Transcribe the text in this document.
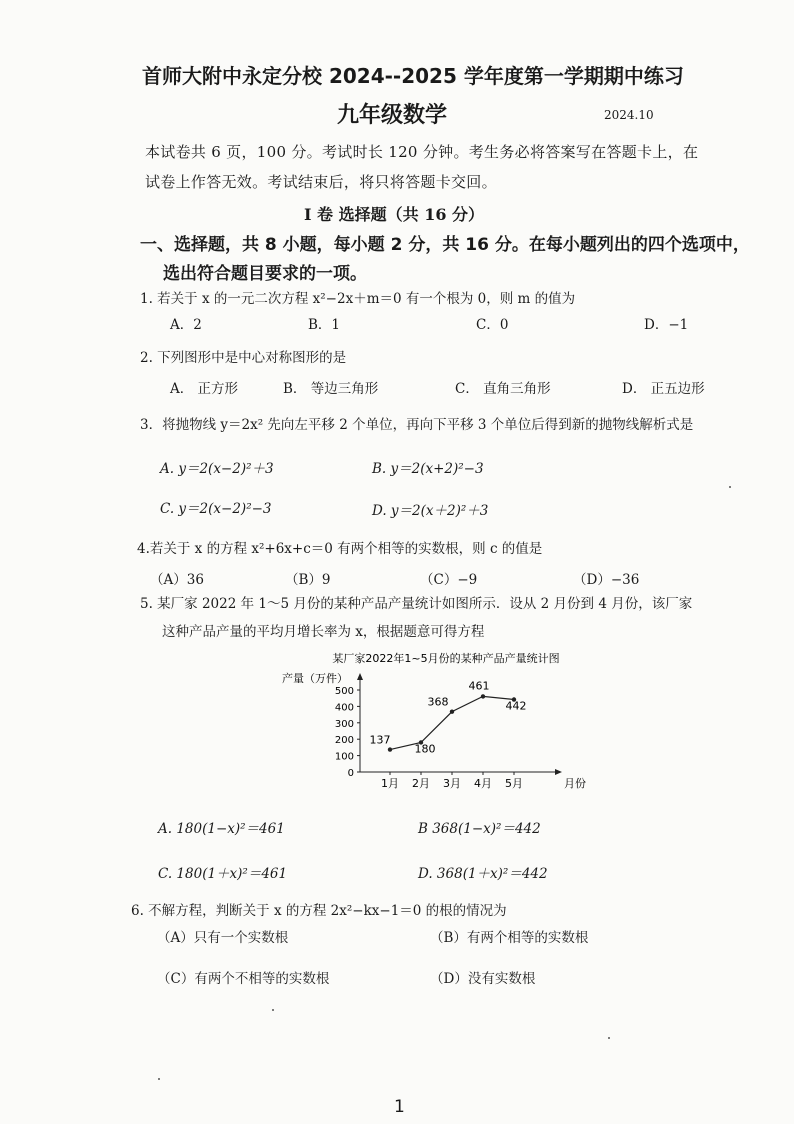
首师大附中永定分校 2024--2025 学年度第一学期期中练习
九年级数学	2024.10
本试卷共 6 页，100 分。考试时长 120 分钟。考生务必将答案写在答题卡上，在
试卷上作答无效。考试结束后，将只将答题卡交回。
I 卷 选择题（共 16 分）
一、选择题，共 8 小题，每小题 2 分，共 16 分。在每小题列出的四个选项中，
选出符合题目要求的一项。
1. 若关于 x 的一元二次方程 x²−2x＋m＝0 有一个根为 0，则 m 的值为
A．2	B．1	C．0	D．−1
2. 下列图形中是中心对称图形的是
A． 正方形	B． 等边三角形	C． 直角三角形	D． 正五边形
3．将抛物线 y＝2x² 先向左平移 2 个单位，再向下平移 3 个单位后得到新的抛物线解析式是
A. y＝2(x−2)²＋3	B. y＝2(x+2)²−3
C. y＝2(x−2)²−3	D. y＝2(x＋2)²＋3
4.若关于 x 的方程 x²+6x+c＝0 有两个相等的实数根，则 c 的值是
（A）36	（B）9	（C）−9	（D）−36
5. 某厂家 2022 年 1～5 月份的某种产品产量统计如图所示．设从 2 月份到 4 月份，该厂家
这种产品产量的平均月增长率为 x，根据题意可得方程
某厂家2022年1~5月份的某种产品产量统计图
产量（万件）
月份
0
100
200
300
400
500
1月 2月 3月 4月 5月
137
180
368
461
442
A. 180(1−x)²＝461	B 368(1−x)²＝442
C. 180(1＋x)²＝461	D. 368(1＋x)²＝442
6. 不解方程，判断关于 x 的方程 2x²−kx−1＝0 的根的情况为
（A）只有一个实数根	（B）有两个相等的实数根
（C）有两个不相等的实数根	（D）没有实数根
1
